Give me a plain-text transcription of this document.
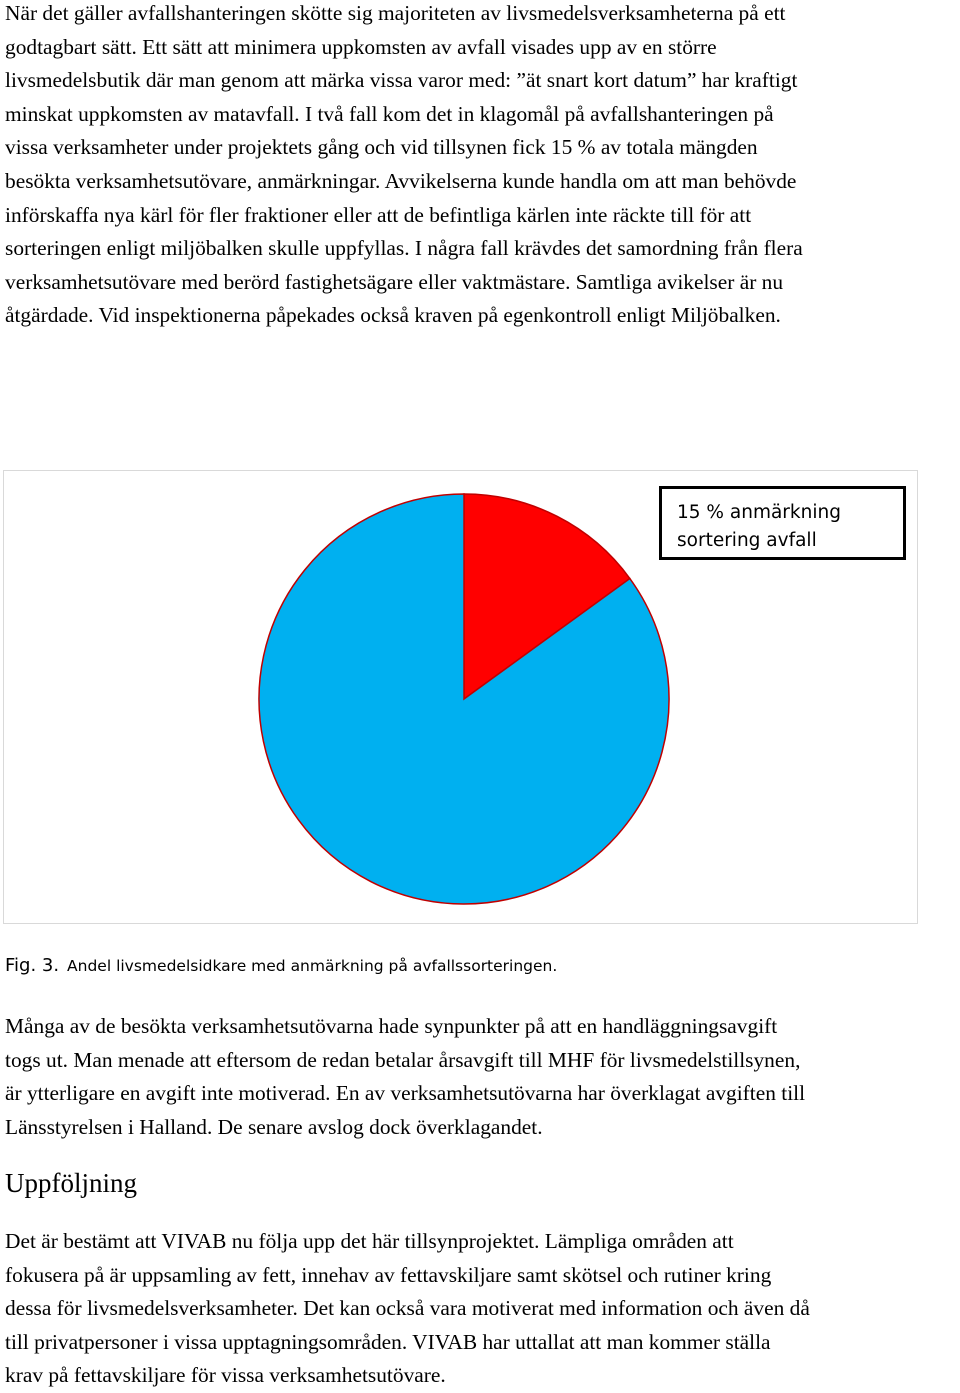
När det gäller avfallshanteringen skötte sig majoriteten av livsmedelsverksamheterna på ett
godtagbart sätt. Ett sätt att minimera uppkomsten av avfall visades upp av en större
livsmedelsbutik där man genom att märka vissa varor med: ”ät snart kort datum” har kraftigt
minskat uppkomsten av matavfall. I två fall kom det in klagomål på avfallshanteringen på
vissa verksamheter under projektets gång och vid tillsynen fick 15 % av totala mängden
besökta verksamhetsutövare, anmärkningar. Avvikelserna kunde handla om att man behövde
införskaffa nya kärl för fler fraktioner eller att de befintliga kärlen inte räckte till för att
sorteringen enligt miljöbalken skulle uppfyllas. I några fall krävdes det samordning från flera
verksamhetsutövare med berörd fastighetsägare eller vaktmästare. Samtliga avikelser är nu
åtgärdade. Vid inspektionerna påpekades också kraven på egenkontroll enligt Miljöbalken.

15 % anmärkning
sortering avfall
Fig. 3. Andel livsmedelsidkare med anmärkning på avfallssorteringen.

Många av de besökta verksamhetsutövarna hade synpunkter på att en handläggningsavgift
togs ut. Man menade att eftersom de redan betalar årsavgift till MHF för livsmedelstillsynen,
är ytterligare en avgift inte motiverad. En av verksamhetsutövarna har överklagat avgiften till
Länsstyrelsen i Halland. De senare avslog dock överklagandet.

Uppföljning

Det är bestämt att VIVAB nu följa upp det här tillsynprojektet. Lämpliga områden att
fokusera på är uppsamling av fett, innehav av fettavskiljare samt skötsel och rutiner kring
dessa för livsmedelsverksamheter. Det kan också vara motiverat med information och även då
till privatpersoner i vissa upptagningsområden. VIVAB har uttallat att man kommer ställa
krav på fettavskiljare för vissa verksamhetsutövare.
